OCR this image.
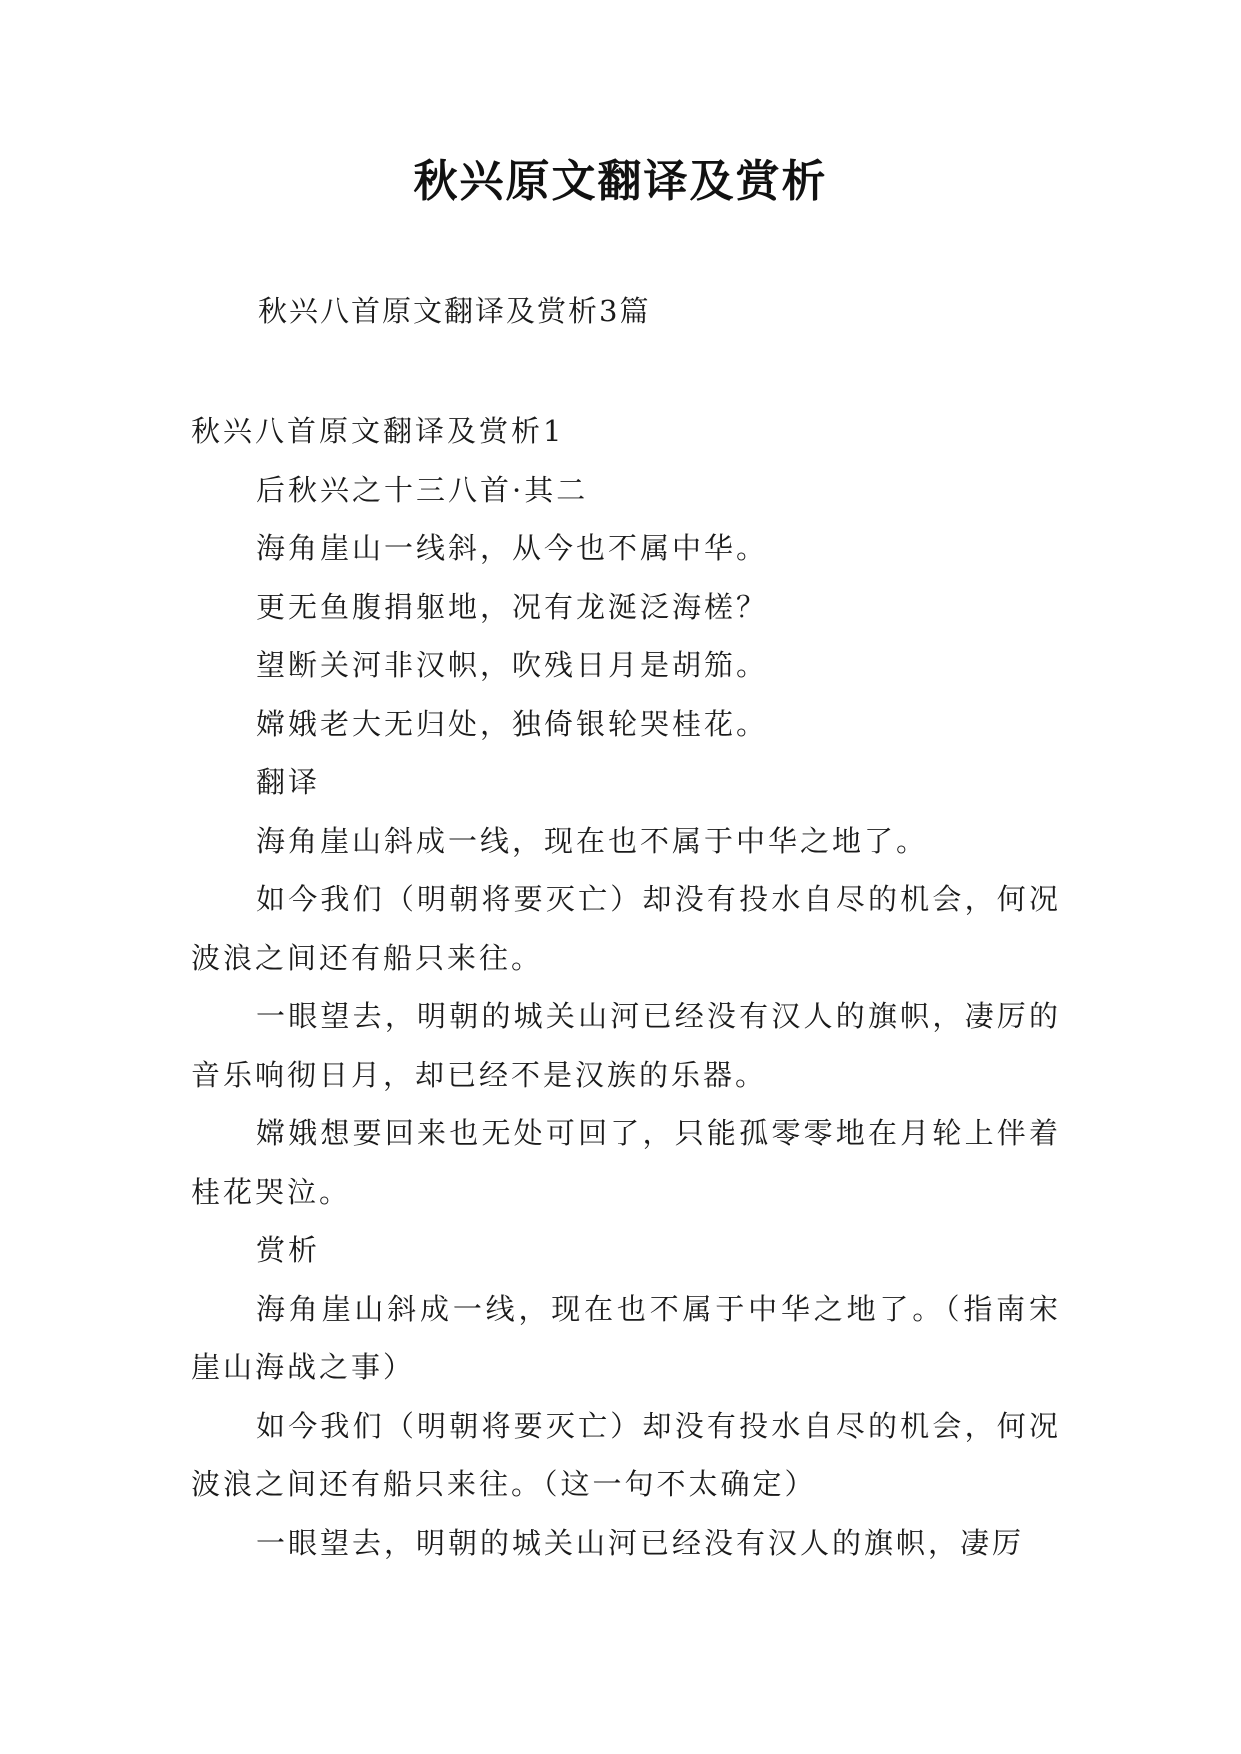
秋兴原文翻译及赏析

秋兴八首原文翻译及赏析3篇

秋兴八首原文翻译及赏析1

后秋兴之十三八首·其二

海角崖山一线斜，从今也不属中华。

更无鱼腹捐躯地，况有龙涎泛海槎？

望断关河非汉帜，吹残日月是胡笳。

嫦娥老大无归处，独倚银轮哭桂花。

翻译

海角崖山斜成一线，现在也不属于中华之地了。

如今我们（明朝将要灭亡）却没有投水自尽的机会，何况波浪之间还有船只来往。

一眼望去，明朝的城关山河已经没有汉人的旗帜，凄厉的音乐响彻日月，却已经不是汉族的乐器。

嫦娥想要回来也无处可回了，只能孤零零地在月轮上伴着桂花哭泣。

赏析

海角崖山斜成一线，现在也不属于中华之地了。（指南宋崖山海战之事）

如今我们（明朝将要灭亡）却没有投水自尽的机会，何况波浪之间还有船只来往。（这一句不太确定）

一眼望去，明朝的城关山河已经没有汉人的旗帜，凄厉
